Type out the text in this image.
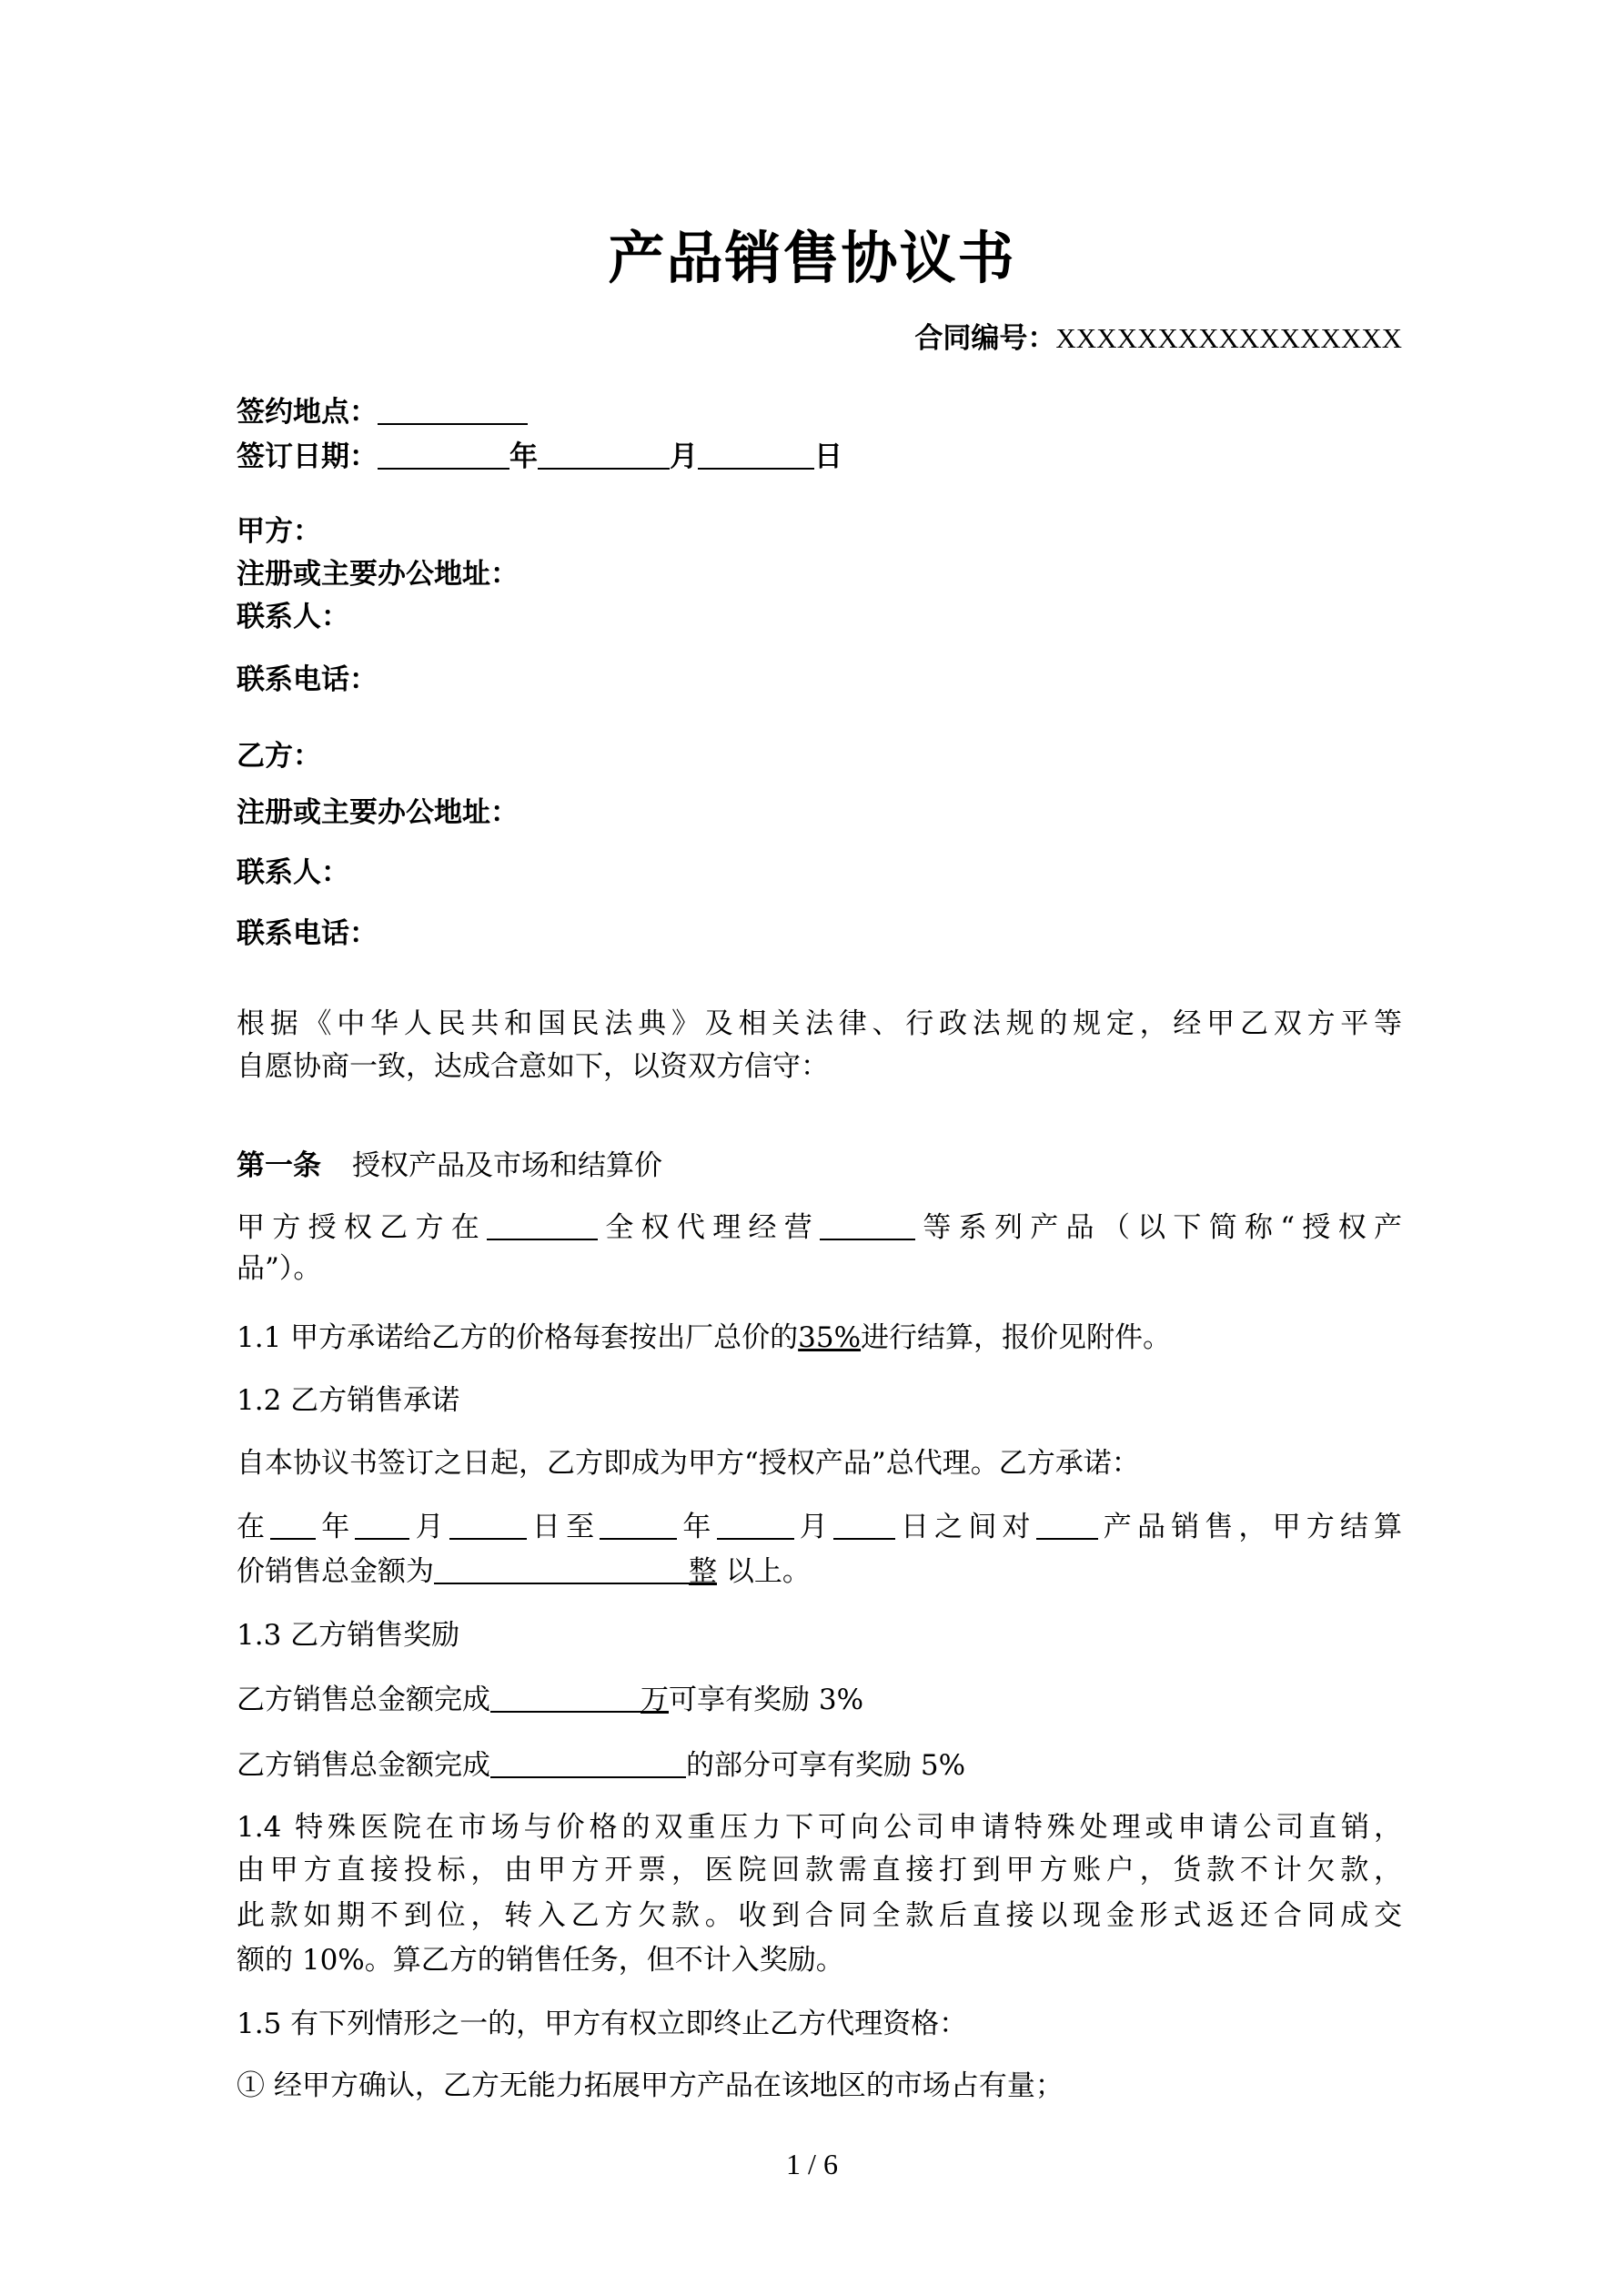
产品销售协议书
合同编号：XXXXXXXXXXXXXXXXX
签约地点：
签订日期：	年	月	日
甲方：
注册或主要办公地址：
联系人：
联系电话：
乙方：
注册或主要办公地址：
联系人：
联系电话：
根据《中华人民共和国民法典》及相关法律、行政法规的规定，经甲乙双方平等
自愿协商一致，达成合意如下，以资双方信守：
第一条 授权产品及市场和结算价
甲方授权乙方在	全权代理经营	等系列产品（以下简称“授权产
品”）。
1.1 甲方承诺给乙方的价格每套按出厂总价的35%进行结算，报价见附件。
1.2 乙方销售承诺
自本协议书签订之日起，乙方即成为甲方“授权产品”总代理。乙方承诺：
在 年 月	日至	年	月 日之间对 产品销售，甲方结算
价销售总金额为	整 以上。
1.3 乙方销售奖励
乙方销售总金额完成	万可享有奖励 3%
乙方销售总金额完成	的部分可享有奖励 5%
1.4 特殊医院在市场与价格的双重压力下可向公司申请特殊处理或申请公司直销，
由甲方直接投标，由甲方开票，医院回款需直接打到甲方账户，货款不计欠款，
此款如期不到位，转入乙方欠款。收到合同全款后直接以现金形式返还合同成交
额的 10%。算乙方的销售任务，但不计入奖励。
1.5 有下列情形之一的，甲方有权立即终止乙方代理资格：
① 经甲方确认，乙方无能力拓展甲方产品在该地区的市场占有量；
1 / 6
